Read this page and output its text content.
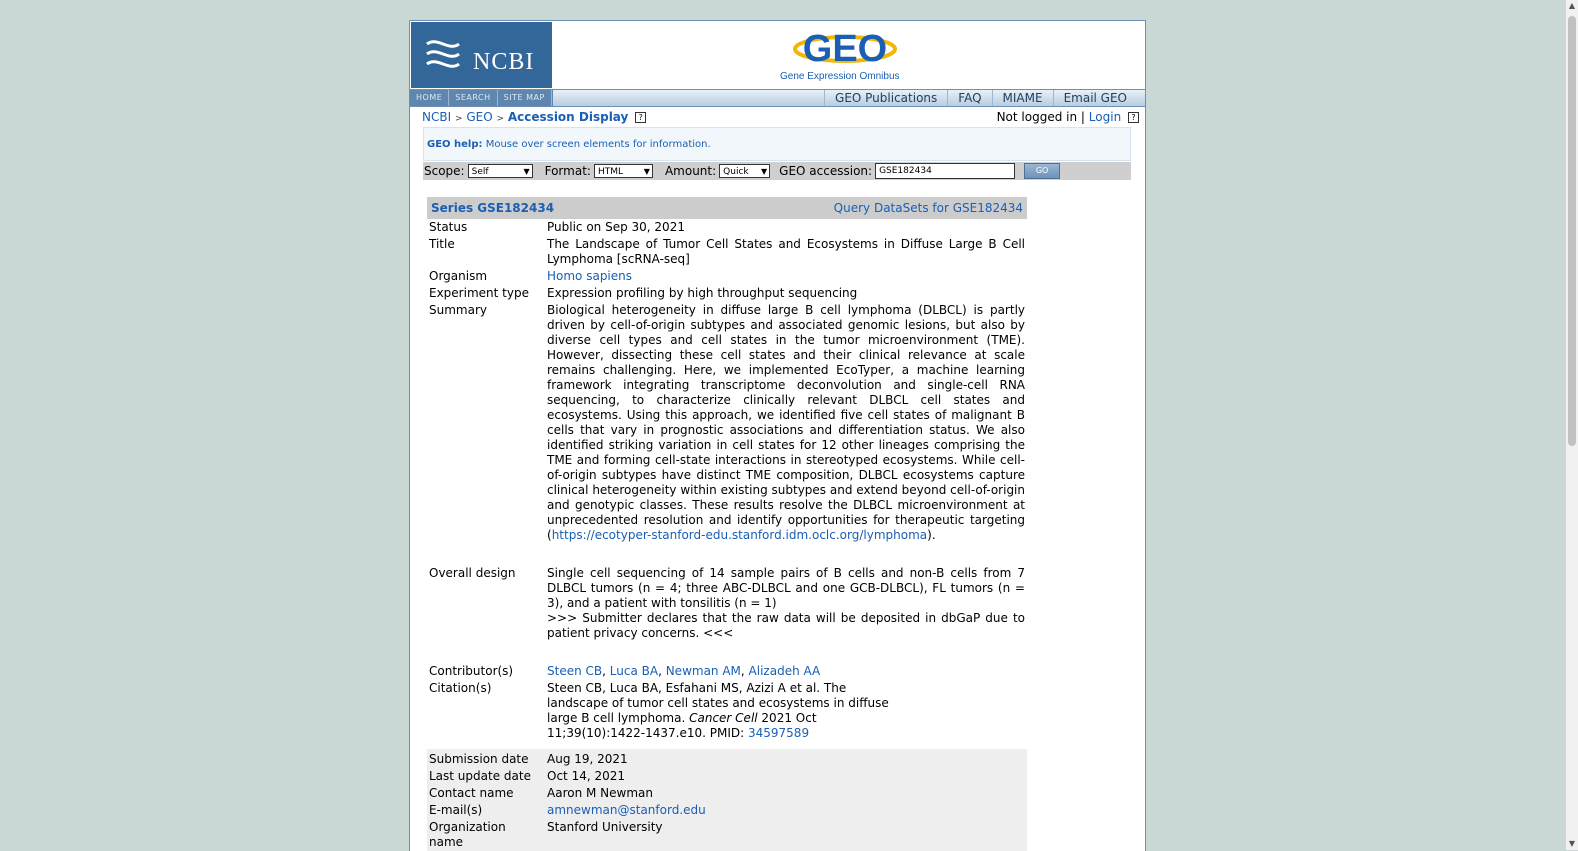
NCBI	GEO
Gene Expression Omnibus
HOME	SEARCH	SITE MAP	GEO Publications	FAQ	MIAME	Email GEO
NCBI > GEO > Accession Display ?	Not logged in | Login ?
GEO help: Mouse over screen elements for information.
Scope: Self ▼	Format: HTML ▼	Amount: Quick ▼	GEO accession: GSE182434	GO
Series GSE182434	Query DataSets for GSE182434
Status	Public on Sep 30, 2021
Title	The Landscape of Tumor Cell States and Ecosystems in Diffuse Large B Cell Lymphoma [scRNA-seq]
Organism	Homo sapiens
Experiment type	Expression profiling by high throughput sequencing
Summary	Biological heterogeneity in diffuse large B cell lymphoma (DLBCL) is partly driven by cell-of-origin subtypes and associated genomic lesions, but also by diverse cell types and cell states in the tumor microenvironment (TME). However, dissecting these cell states and their clinical relevance at scale remains challenging. Here, we implemented EcoTyper, a machine learning framework integrating transcriptome deconvolution and single-cell RNA sequencing, to characterize clinically relevant DLBCL cell states and ecosystems. Using this approach, we identified five cell states of malignant B cells that vary in prognostic associations and differentiation status. We also identified striking variation in cell states for 12 other lineages comprising the TME and forming cell-state interactions in stereotyped ecosystems. While cell-of-origin subtypes have distinct TME composition, DLBCL ecosystems capture clinical heterogeneity within existing subtypes and extend beyond cell-of-origin and genotypic classes. These results resolve the DLBCL microenvironment at unprecedented resolution and identify opportunities for therapeutic targeting (https://ecotyper-stanford-edu.stanford.idm.oclc.org/lymphoma).
Overall design	Single cell sequencing of 14 sample pairs of B cells and non-B cells from 7 DLBCL tumors (n = 4; three ABC-DLBCL and one GCB-DLBCL), FL tumors (n = 3), and a patient with tonsilitis (n = 1)
>>> Submitter declares that the raw data will be deposited in dbGaP due to patient privacy concerns. <<<

Contributor(s)	Steen CB, Luca BA, Newman AM, Alizadeh AA
Citation(s)	Steen CB, Luca BA, Esfahani MS, Azizi A et al. The landscape of tumor cell states and ecosystems in diffuse large B cell lymphoma. Cancer Cell 2021 Oct 11;39(10):1422-1437.e10. PMID: 34597589
Submission date	Aug 19, 2021
Last update date	Oct 14, 2021
Contact name	Aaron M Newman
E-mail(s)	amnewman@stanford.edu
Organization name	Stanford University
▲
▼
